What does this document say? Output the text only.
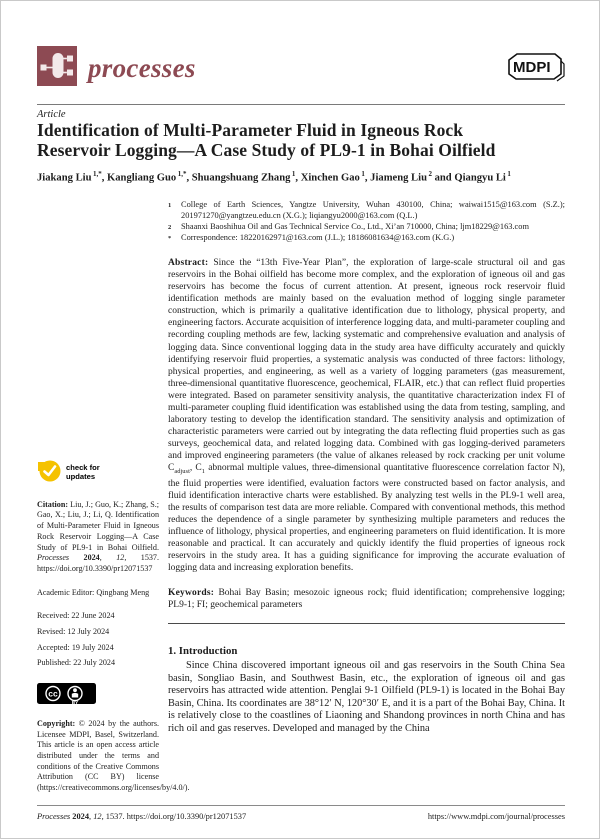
processes	MDPI
Article
Identification of Multi-Parameter Fluid in Igneous Rock
Reservoir Logging—A Case Study of PL9-1 in Bohai Oilfield
Jiakang Liu $^{1,*}$, Kangliang Guo $^{1,*}$, Shuangshuang Zhang $^1$, Xinchen Gao $^1$, Jiameng Liu $^2$ and Qiangyu Li $^1$
check for
updates
Citation: Liu, J.; Guo, K.; Zhang, S.; Gao, X.; Liu, J.; Li, Q. Identification of Multi-Parameter Fluid in Igneous Rock Reservoir Logging—A Case Study of PL9-1 in Bohai Oilfield. Processes 2024, 12, 1537. https://doi.org/10.3390/pr12071537
Academic Editor: Qingbang Meng
Received: 22 June 2024
Revised: 12 July 2024
Accepted: 19 July 2024
Published: 22 July 2024
cc
BY
Copyright: © 2024 by the authors. Licensee MDPI, Basel, Switzerland. This article is an open access article distributed under the terms and conditions of the Creative Commons Attribution (CC BY) license (https://creativecommons.org/licenses/by/4.0/).
1	College of Earth Sciences, Yangtze University, Wuhan 430100, China; waiwai1515@163.com (S.Z.); 201971270@yangtzeu.edu.cn (X.G.); liqiangyu2000@163.com (Q.L.)
2	Shaanxi Baoshihua Oil and Gas Technical Service Co., Ltd., Xi’an 710000, China; ljm18229@163.com
*	Correspondence: 18220162971@163.com (J.L.); 18186081634@163.com (K.G.)
Abstract: Since the “13th Five-Year Plan”, the exploration of large-scale structural oil and gas reservoirs in the Bohai oilfield has become more complex, and the exploration of igneous oil and gas reservoirs has become the focus of current attention. At present, igneous rock reservoir fluid identification methods are mainly based on the evaluation method of logging single parameter construction, which is primarily a qualitative identification due to lithology, physical property, and engineering factors. Accurate acquisition of interference logging data, and multi-parameter coupling and recording coupling methods are few, lacking systematic and comprehensive evaluation and analysis of logging data. Since conventional logging data in the study area have difficulty accurately and quickly identifying reservoir fluid properties, a systematic analysis was conducted of three factors: lithology, physical properties, and engineering, as well as a variety of logging parameters (gas measurement, three-dimensional quantitative fluorescence, geochemical, FLAIR, etc.) that can reflect fluid properties were integrated. Based on parameter sensitivity analysis, the quantitative characterization index FI of multi-parameter coupling fluid identification was established using the data from testing, sampling, and laboratory testing to develop the identification standard. The sensitivity analysis and optimization of characteristic parameters were carried out by integrating the data reflecting fluid properties such as gas surveys, geochemical data, and related logging data. Combined with gas logging-derived parameters and improved engineering parameters (the value of alkanes released by rock cracking per unit volume $C_{adjust}$, $C_1$ abnormal multiple values, three-dimensional quantitative fluorescence correlation factor N), the fluid properties were identified, evaluation factors were constructed based on factor analysis, and fluid identification interactive charts were established. By analyzing test wells in the PL9-1 well area, the results of comparison test data are more reliable. Compared with conventional methods, this method reduces the dependence of a single parameter by synthesizing multiple parameters and reduces the influence of lithology, physical properties, and engineering parameters on fluid identification. It is more reasonable and practical. It can accurately and quickly identify the fluid properties of igneous rock reservoirs in the study area. It has a guiding significance for improving the accurate evaluation of logging data and increasing exploration benefits.
Keywords: Bohai Bay Basin; mesozoic igneous rock; fluid identification; comprehensive logging; PL9-1; FI; geochemical parameters
1. Introduction
Since China discovered important igneous oil and gas reservoirs in the South China Sea basin, Songliao Basin, and Southwest Basin, etc., the exploration of igneous oil and gas reservoirs has attracted wide attention. Penglai 9-1 Oilfield (PL9-1) is located in the Bohai Bay Basin, China. Its coordinates are 38°12′ N, 120°30′ E, and it is a part of the Bohai Bay, China. It is relatively close to the coastlines of Liaoning and Shandong provinces in north China and has rich oil and gas reserves. Developed and managed by the China
Processes 2024, 12, 1537. https://doi.org/10.3390/pr12071537	https://www.mdpi.com/journal/processes
